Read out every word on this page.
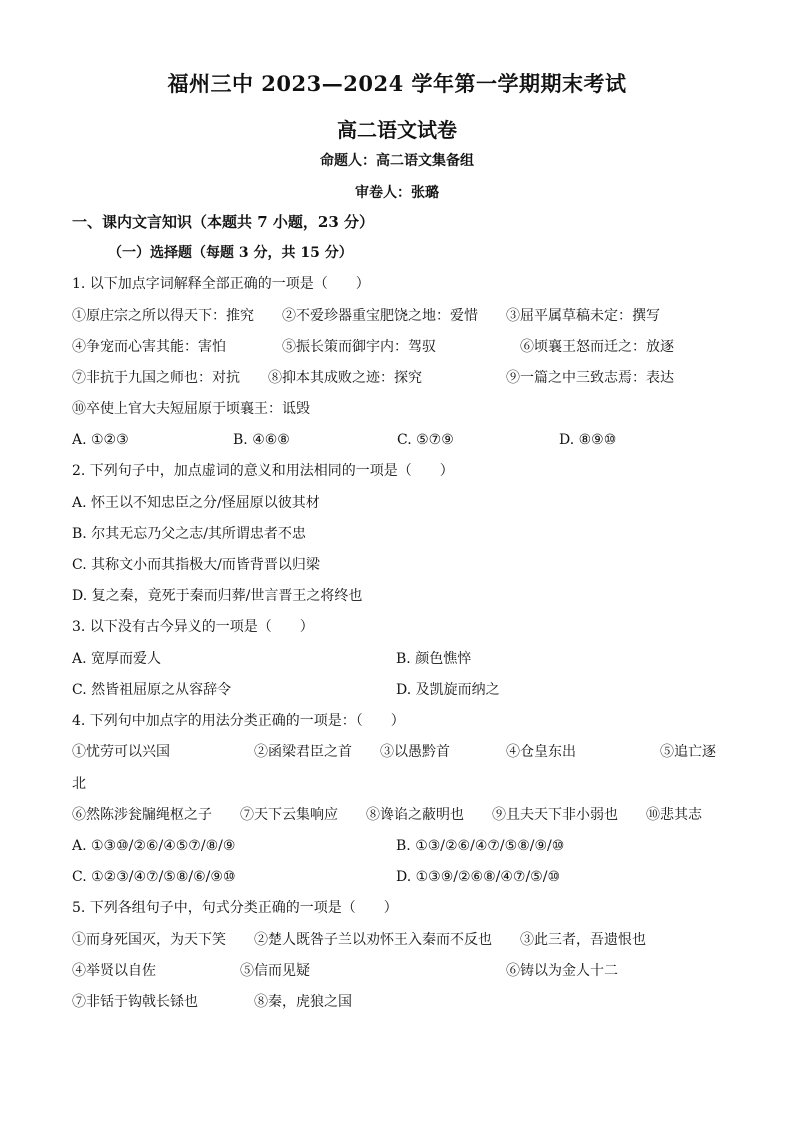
福州三中 2023—2024 学年第一学期期末考试
高二语文试卷
命题人：高二语文集备组
审卷人：张璐
一、课内文言知识（本题共 7 小题，23 分）
（一）选择题（每题 3 分，共 15 分）
1. 以下加点字词解释全部正确的一项是（　　）
①原庄宗之所以得天下：推究 ②不爱珍器重宝肥饶之地：爱惜 ③屈平属草稿未定：撰写
④争宠而心害其能：害怕	⑤振长策而御宇内：驾驭	⑥顷襄王怒而迁之：放逐
⑦非抗于九国之师也：对抗 ⑧抑本其成败之迹：探究	⑨一篇之中三致志焉：表达
⑩卒使上官大夫短屈原于顷襄王：诋毁
A. ①②③	B. ④⑥⑧	C. ⑤⑦⑨	D. ⑧⑨⑩
2. 下列句子中，加点虚词的意义和用法相同的一项是（　　）
A. 怀王以不知忠臣之分/怪屈原以彼其材
B. 尔其无忘乃父之志/其所谓忠者不忠
C. 其称文小而其指极大/而皆背晋以归梁
D. 复之秦，竟死于秦而归葬/世言晋王之将终也
3. 以下没有古今异义的一项是（　　）
A. 宽厚而爱人	B. 颜色憔悴
C. 然皆祖屈原之从容辞令	D. 及凯旋而纳之
4. 下列句中加点字的用法分类正确的一项是：（　　）
①忧劳可以兴国	②函梁君臣之首 ③以愚黔首	④仓皇东出	⑤追亡逐
北
⑥然陈涉瓮牖绳枢之子 ⑦天下云集响应 ⑧谗谄之蔽明也 ⑨且夫天下非小弱也 ⑩悲其志
A. ①③⑩/②⑥/④⑤⑦/⑧/⑨	B. ①③/②⑥/④⑦/⑤⑧/⑨/⑩
C. ①②③/④⑦/⑤⑧/⑥/⑨⑩	D. ①③⑨/②⑥⑧/④⑦/⑤/⑩
5. 下列各组句子中，句式分类正确的一项是（　　）
①而身死国灭，为天下笑 ②楚人既咎子兰以劝怀王入秦而不反也 ③此三者，吾遗恨也
④举贤以自佐	⑤信而见疑	⑥铸以为金人十二
⑦非铦于钩戟长铩也	⑧秦，虎狼之国
